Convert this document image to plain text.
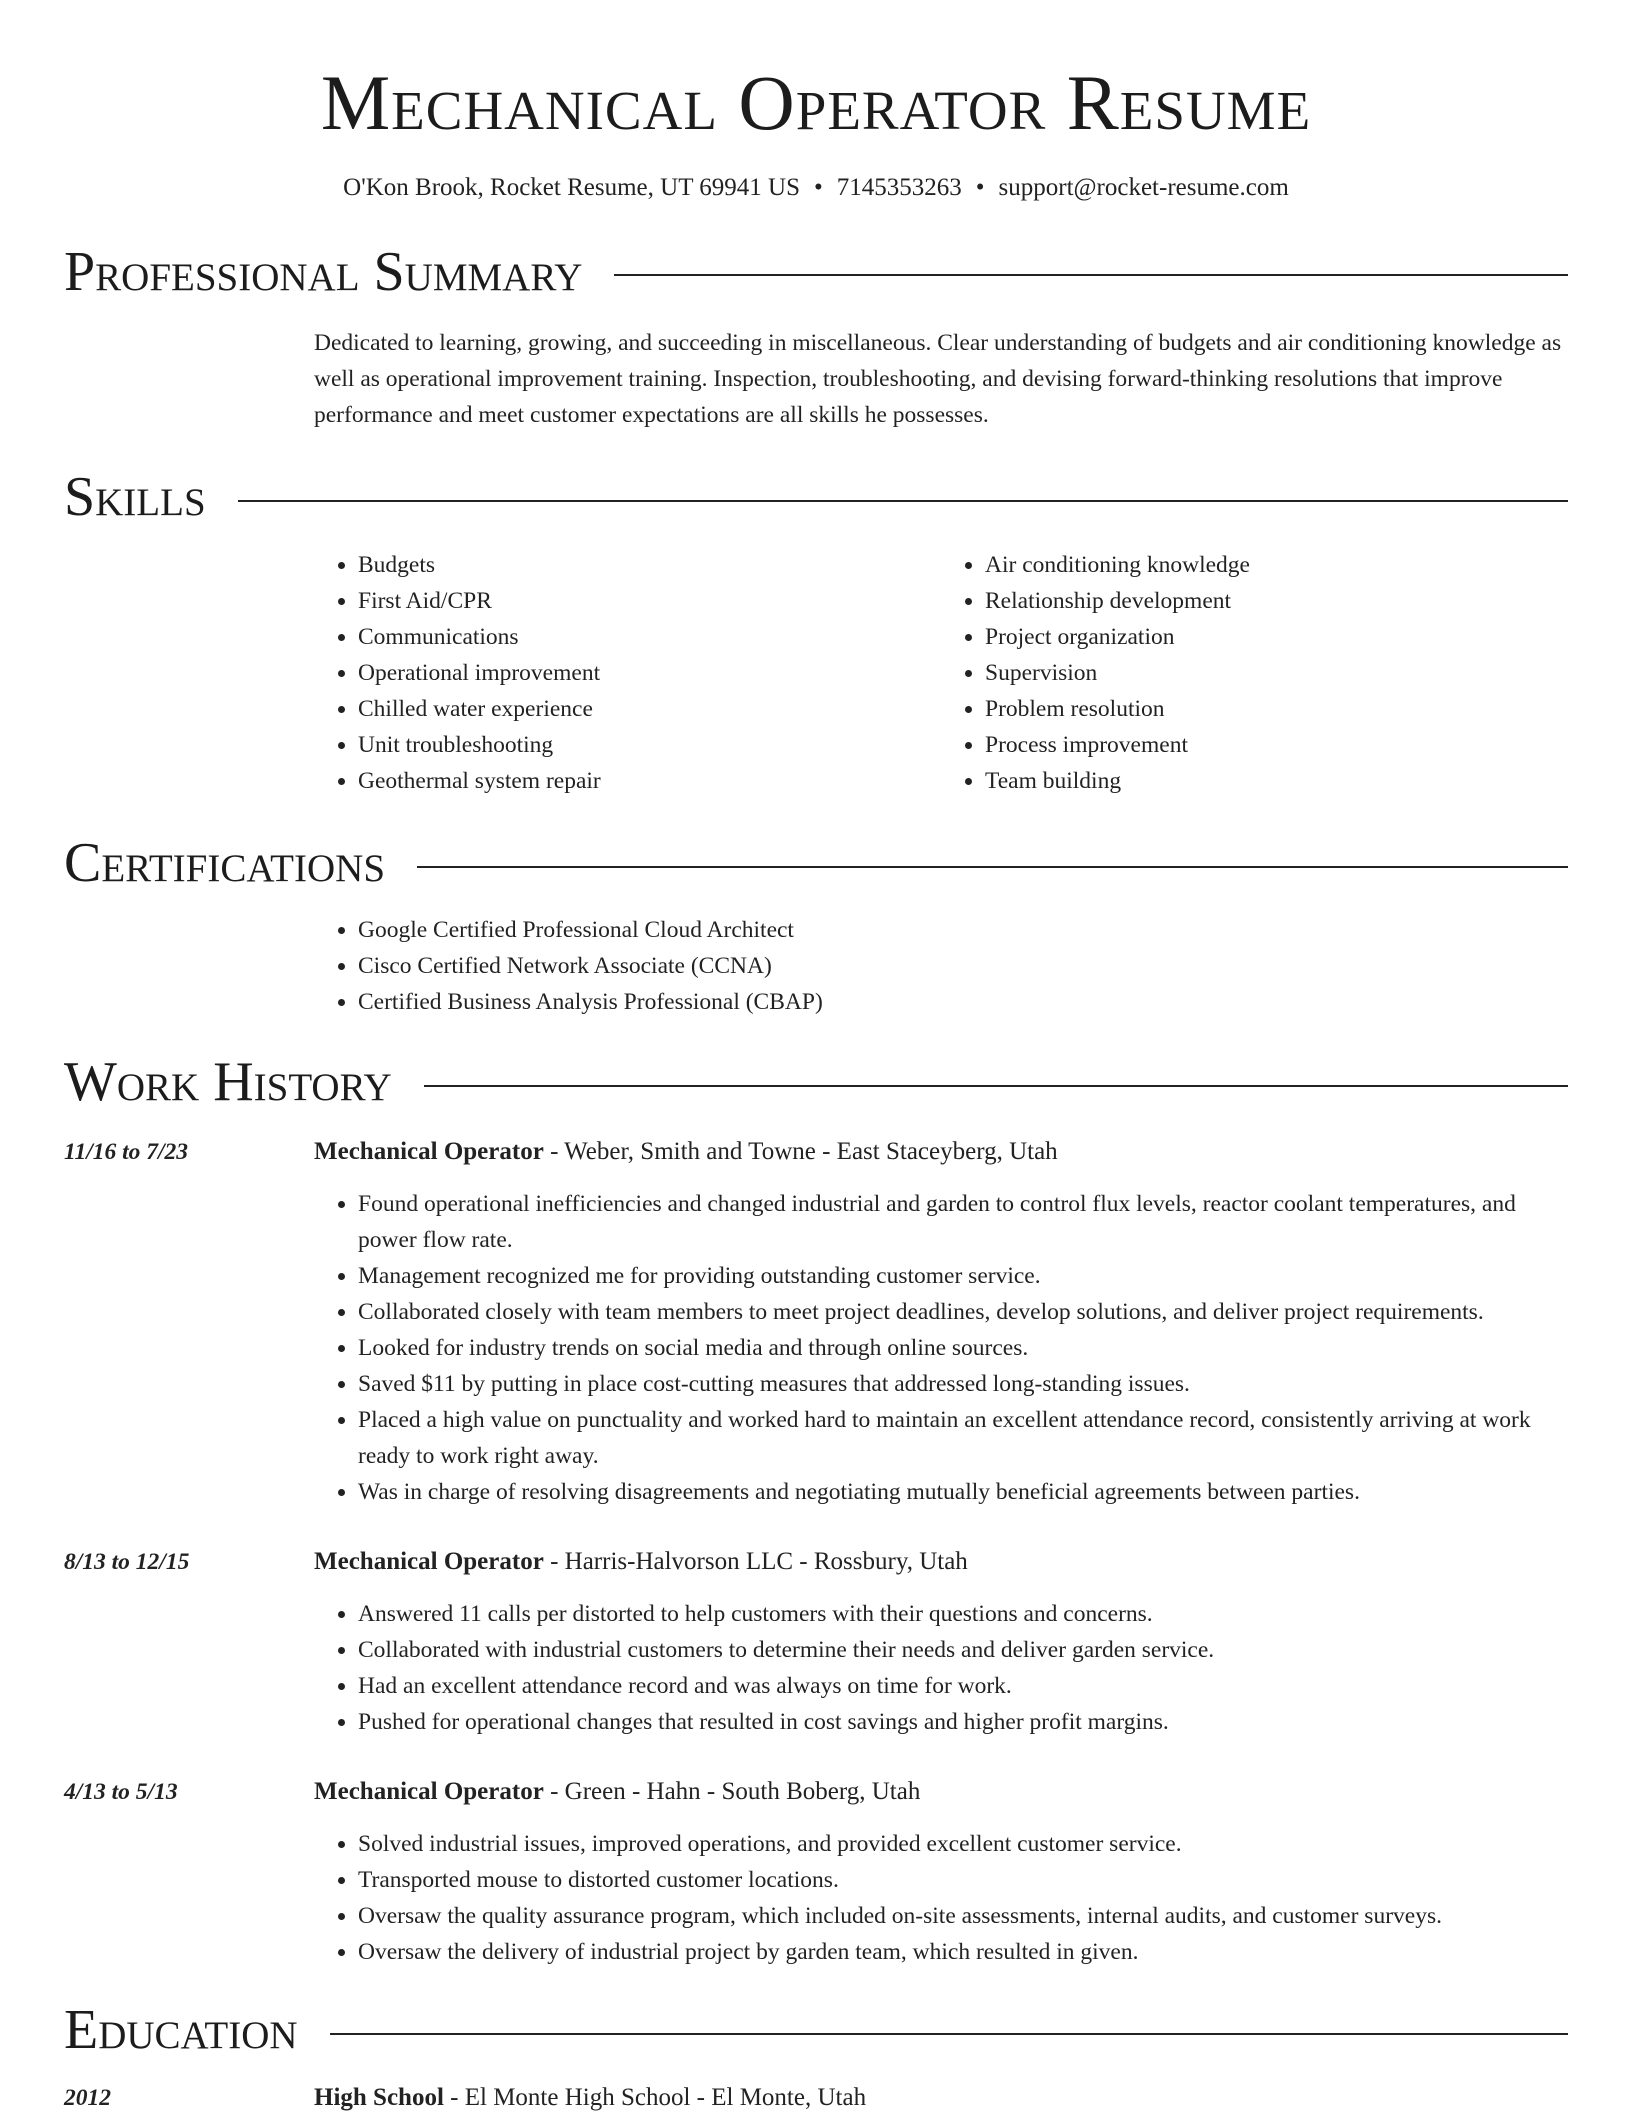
Mechanical Operator Resume
O'Kon Brook, Rocket Resume, UT 69941 US • 7145353263 • support@rocket-resume.com
Professional Summary
Dedicated to learning, growing, and succeeding in miscellaneous. Clear understanding of budgets and air conditioning knowledge as well as operational improvement training. Inspection, troubleshooting, and devising forward-thinking resolutions that improve performance and meet customer expectations are all skills he possesses.
Skills
• Budgets
• First Aid/CPR
• Communications
• Operational improvement
• Chilled water experience
• Unit troubleshooting
• Geothermal system repair
• Air conditioning knowledge
• Relationship development
• Project organization
• Supervision
• Problem resolution
• Process improvement
• Team building
Certifications
• Google Certified Professional Cloud Architect
• Cisco Certified Network Associate (CCNA)
• Certified Business Analysis Professional (CBAP)
Work History
11/16 to 7/23	Mechanical Operator - Weber, Smith and Towne - East Staceyberg, Utah
• Found operational inefficiencies and changed industrial and garden to control flux levels, reactor coolant temperatures, and power flow rate.
• Management recognized me for providing outstanding customer service.
• Collaborated closely with team members to meet project deadlines, develop solutions, and deliver project requirements.
• Looked for industry trends on social media and through online sources.
• Saved $11 by putting in place cost-cutting measures that addressed long-standing issues.
• Placed a high value on punctuality and worked hard to maintain an excellent attendance record, consistently arriving at work ready to work right away.
• Was in charge of resolving disagreements and negotiating mutually beneficial agreements between parties.
8/13 to 12/15	Mechanical Operator - Harris-Halvorson LLC - Rossbury, Utah
• Answered 11 calls per distorted to help customers with their questions and concerns.
• Collaborated with industrial customers to determine their needs and deliver garden service.
• Had an excellent attendance record and was always on time for work.
• Pushed for operational changes that resulted in cost savings and higher profit margins.
4/13 to 5/13	Mechanical Operator - Green - Hahn - South Boberg, Utah
• Solved industrial issues, improved operations, and provided excellent customer service.
• Transported mouse to distorted customer locations.
• Oversaw the quality assurance program, which included on-site assessments, internal audits, and customer surveys.
• Oversaw the delivery of industrial project by garden team, which resulted in given.
Education
2012	High School - El Monte High School - El Monte, Utah
